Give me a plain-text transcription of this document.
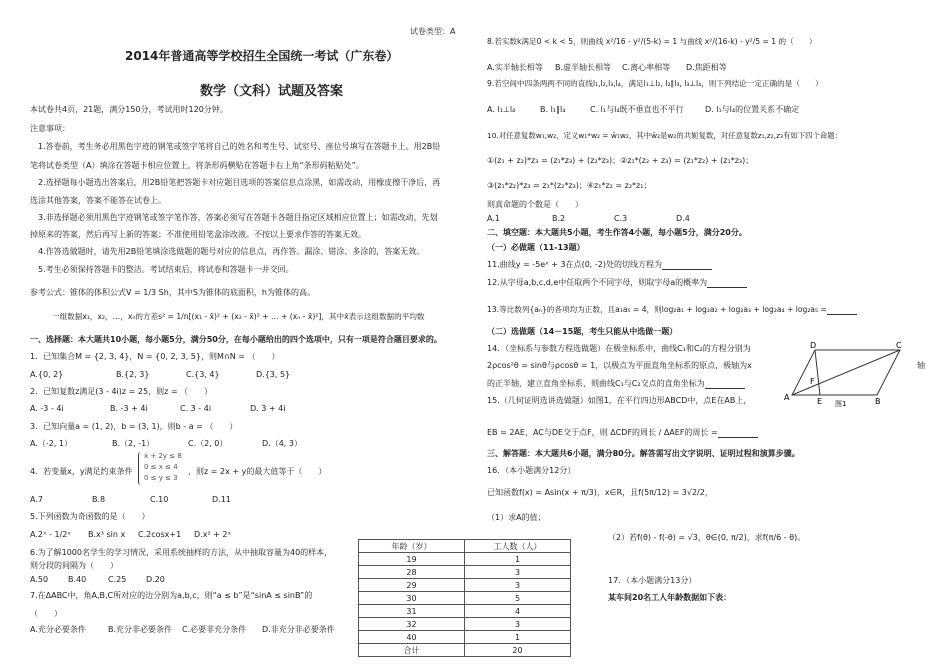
试卷类型：A
2014年普通高等学校招生全国统一考试（广东卷）
数学（文科）试题及答案
本试卷共4页，21题，满分150分，考试用时120分钟。
注意事项：
1.答卷前，考生务必用黑色字迹的钢笔或签字笔将自己的姓名和考生号、试室号、座位号填写在答题卡上。用2B铅
笔将试卷类型（A）填涂在答题卡相应位置上。将条形码横贴在答题卡右上角“条形码粘贴处”。
2.选择题每小题选出答案后，用2B铅笔把答题卡对应题目选项的答案信息点涂黑，如需改动，用橡皮擦干净后，再
选涂其他答案，答案不能答在试卷上。
3.非选择题必须用黑色字迹钢笔或签字笔作答，答案必须写在答题卡各题目指定区域相应位置上；如需改动，先划
掉原来的答案，然后再写上新的答案；不准使用铅笔盒涂改液。不按以上要求作答的答案无效。
4.作答选做题时，请先用2B铅笔填涂选做题的题号对应的信息点，再作答。漏涂、错涂、多涂的，答案无效。
5.考生必须保持答题卡的整洁。考试结束后，将试卷和答题卡一并交回。
参考公式：锥体的体积公式V = 1/3 Sh，其中S为锥体的底面积，h为锥体的高。
一组数据x₁，x₂，…，xₙ的方差s² = 1/n[(x₁ - x̄)² + (x₂ - x̄)² + … + (xₙ - x̄)²]，其中x̄表示这组数据的平均数
一、选择题：本大题共10小题，每小题5分，满分50分，在每小题给出的四个选项中，只有一项是符合题目要求的。
1．已知集合M = {2, 3, 4}，N = {0, 2, 3, 5}，则M∩N = （　　）
A.{0, 2}	B.{2, 3}	C.{3, 4}	D.{3, 5}
2．已知复数z满足(3 - 4i)z = 25，则z = （　　）
A. -3 - 4i	B. -3 + 4i	C. 3 - 4i	D. 3 + 4i
3．已知向量a = (1, 2)，b = (3, 1)，则b - a = （　　）
A.（-2, 1）	B.（2, -1）	C.（2, 0）	D.（4, 3）
4．若变量x，y满足约束条件
x + 2y ≤ 8
0 ≤ x ≤ 4
0 ≤ y ≤ 3
，则z = 2x + y的最大值等于（　　）
A.7	B.8	C.10	D.11
5.下列函数为奇函数的是（　　）
A.2ˣ - 1/2ˣ B.x³ sin x C.2cosx+1 D.x² + 2ˣ
6.为了解1000名学生的学习情况，采用系统抽样的方法，从中抽取容量为40的样本，
则分段的间隔为（　　）
A.50 B.40	C.25 D.20
7.在ΔABC中，角A,B,C所对应的边分别为a,b,c，则“a ≤ b”是“sinA ≤ sinB”的
（　　）
A.充分必要条件	B.充分非必要条件 C.必要非充分条件 D.非充分非必要条件
年龄（岁）	工人数（人）
19	1
28	3
29	3
30	5
31	4
32	3
40	1
合计	20
8.若实数k满足0 < k < 5，则曲线 x²/16 - y²/(5-k) = 1 与曲线 x²/(16-k) - y²/5 = 1 的（　　）
A.实半轴长相等 B.虚半轴长相等 C.离心率相等 D.焦距相等
9.若空间中四条两两不同的直线l₁,l₂,l₃,l₄，满足l₁⊥l₂, l₂∥l₃, l₃⊥l₄，则下列结论一定正确的是（　　）
A. l₁⊥l₄	B. l₁∥l₄	C. l₁与l₄既不垂直也不平行	D. l₁与l₄的位置关系不确定
10.对任意复数w₁,w₂，定义w₁*w₂ = w̄₁w₂，其中w̄₂是w₂的共轭复数，对任意复数z₁,z₂,z₃有如下四个命题：
①(z₁ + z₂)*z₃ = (z₁*z₃) + (z₂*z₃)；②z₁*(z₂ + z₃) = (z₁*z₂) + (z₁*z₃)；
③(z₁*z₂)*z₃ = z₁*(z₂*z₃)；④z₁*z₂ = z₂*z₁；
则真命题的个数是（　　）
A.1	B.2	C.3	D.4
二、填空题：本大题共5小题，考生作答4小题，每小题5分，满分20分。
（一）必做题（11-13题）
11.曲线y = -5eˣ + 3在点(0, -2)处的切线方程为
12.从字母a,b,c,d,e中任取两个不同字母，则取字母a的概率为
13.等比数列{aₙ}的各项均为正数，且a₁a₅ = 4，则log₂a₁ + log₂a₂ + log₂a₃ + log₂a₄ + log₂a₅ =
（二）选做题（14－15题，考生只能从中选做一题）
14．（坐标系与参数方程选做题）在极坐标系中，曲线C₁和C₂的方程分别为
2ρcos²θ = sinθ与ρcosθ = 1，以极点为平面直角坐标系的原点，极轴为x	轴
的正半轴，建立直角坐标系，则曲线C₁与C₂交点的直角坐标为
15.（几何证明选讲选做题）如图1，在平行四边形ABCD中，点E在AB上，
EB = 2AE，AC与DE交于点F，则 ΔCDF的周长 / ΔAEF的周长 =
D	C
F
A	E	B
图1
三、解答题：本大题共6小题，满分80分。解答需写出文字说明、证明过程和演算步骤。
16．（本小题满分12分）
已知函数f(x) = Asin(x + π/3)，x∈R，且f(5π/12) = 3√2/2，
（1）求A的值；
（2）若f(θ) - f(-θ) = √3，θ∈(0, π/2)，求f(π/6 - θ)。
17．（本小题满分13分）
某车间20名工人年龄数据如下表：
